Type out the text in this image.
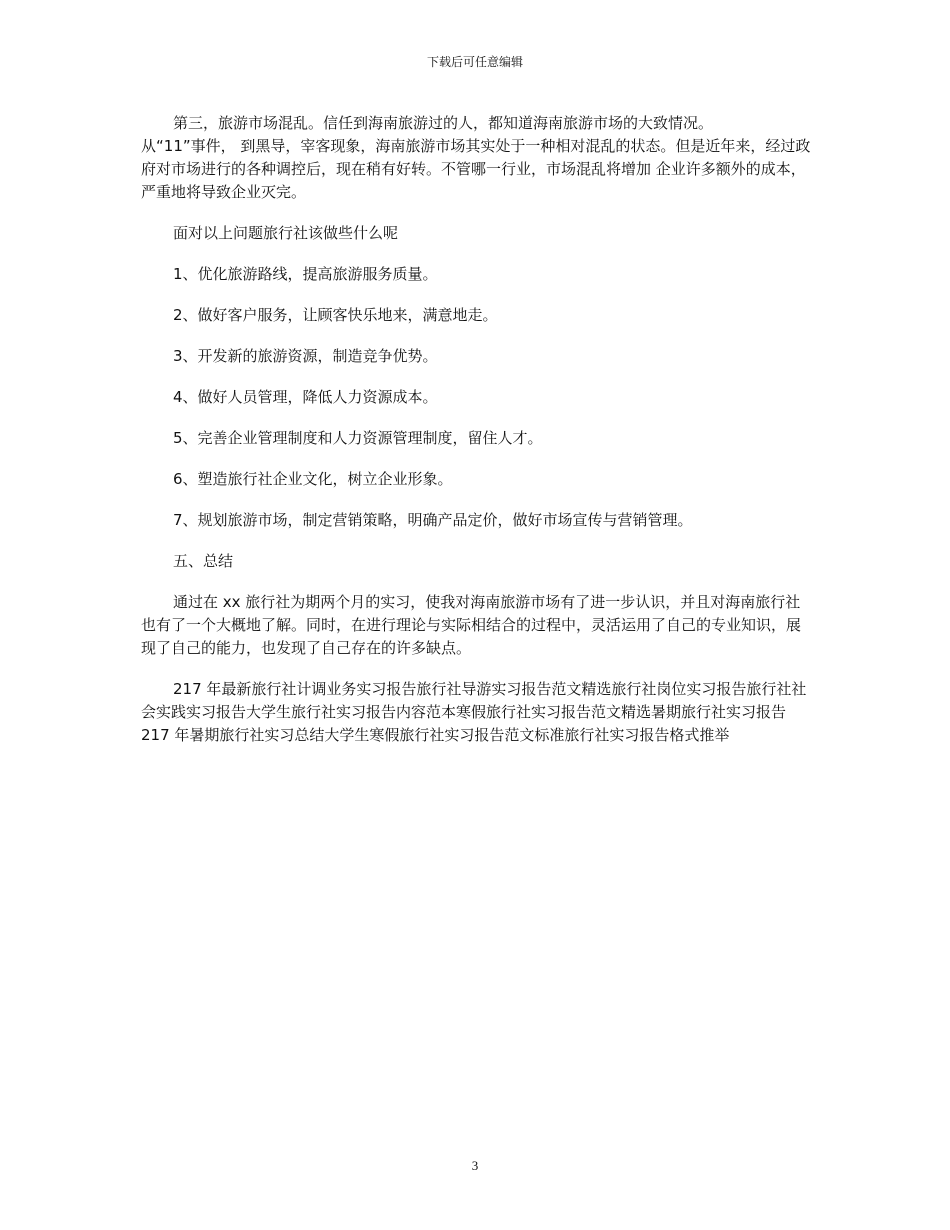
下载后可任意编辑

第三，旅游市场混乱。信任到海南旅游过的人，都知道海南旅游市场的大致情况。

从“11”事件， 到黑导，宰客现象，海南旅游市场其实处于一种相对混乱的状态。但是近年来，经过政府对市场进行的各种调控后，现在稍有好转。不管哪一行业，市场混乱将增加 企业许多额外的成本，严重地将导致企业灭完。

面对以上问题旅行社该做些什么呢

1、优化旅游路线，提高旅游服务质量。

2、做好客户服务，让顾客快乐地来，满意地走。

3、开发新的旅游资源，制造竞争优势。

4、做好人员管理，降低人力资源成本。

5、完善企业管理制度和人力资源管理制度，留住人才。

6、塑造旅行社企业文化，树立企业形象。

7、规划旅游市场，制定营销策略，明确产品定价，做好市场宣传与营销管理。

五、总结

通过在 xx 旅行社为期两个月的实习，使我对海南旅游市场有了进一步认识，并且对海南旅行社也有了一个大概地了解。同时，在进行理论与实际相结合的过程中，灵活运用了自己的专业知识，展现了自己的能力，也发现了自己存在的许多缺点。

217 年最新旅行社计调业务实习报告旅行社导游实习报告范文精选旅行社岗位实习报告旅行社社会实践实习报告大学生旅行社实习报告内容范本寒假旅行社实习报告范文精选暑期旅行社实习报告 217 年暑期旅行社实习总结大学生寒假旅行社实习报告范文标准旅行社实习报告格式推举

3
